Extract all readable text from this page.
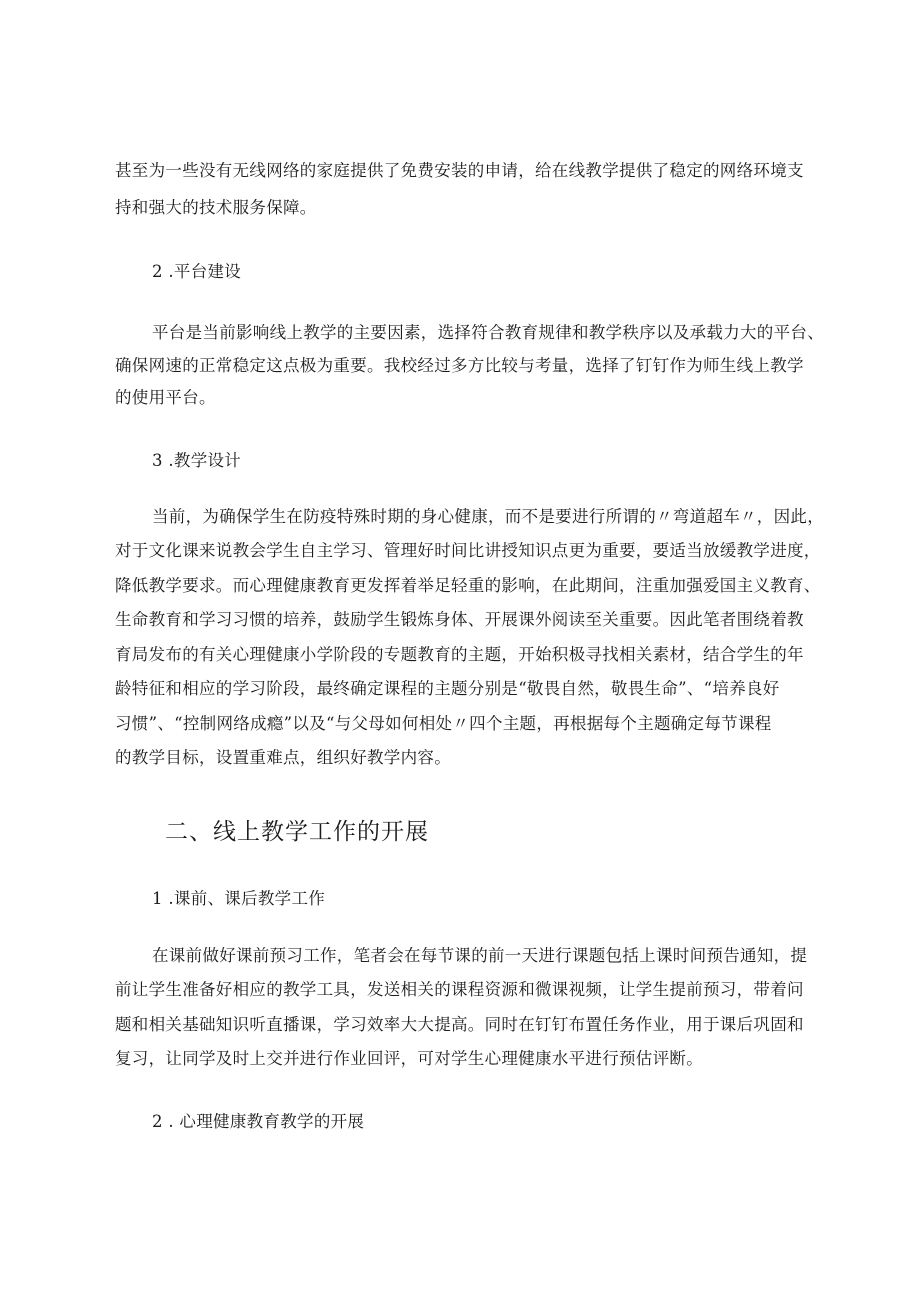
甚至为一些没有无线网络的家庭提供了免费安装的申请，给在线教学提供了稳定的网络环境支
持和强大的技术服务保障。
2 .平台建设
平台是当前影响线上教学的主要因素，选择符合教育规律和教学秩序以及承载力大的平台、
确保网速的正常稳定这点极为重要。我校经过多方比较与考量，选择了钉钉作为师生线上教学
的使用平台。
3 .教学设计
当前，为确保学生在防疫特殊时期的身心健康，而不是要进行所谓的〃弯道超车〃，因此，
对于文化课来说教会学生自主学习、管理好时间比讲授知识点更为重要，要适当放缓教学进度，
降低教学要求。而心理健康教育更发挥着举足轻重的影响，在此期间，注重加强爱国主义教育、
生命教育和学习习惯的培养，鼓励学生锻炼身体、开展课外阅读至关重要。因此笔者围绕着教
育局发布的有关心理健康小学阶段的专题教育的主题，开始积极寻找相关素材，结合学生的年
龄特征和相应的学习阶段，最终确定课程的主题分别是“敬畏自然，敬畏生命”、“培养良好
习惯”、“控制网络成瘾”以及“与父母如何相处〃四个主题，再根据每个主题确定每节课程
的教学目标，设置重难点，组织好教学内容。
二、线上教学工作的开展
1 .课前、课后教学工作
在课前做好课前预习工作，笔者会在每节课的前一天进行课题包括上课时间预告通知，提
前让学生准备好相应的教学工具，发送相关的课程资源和微课视频，让学生提前预习，带着问
题和相关基础知识听直播课，学习效率大大提高。同时在钉钉布置任务作业，用于课后巩固和
复习，让同学及时上交并进行作业回评，可对学生心理健康水平进行预估评断。
2 . 心理健康教育教学的开展
